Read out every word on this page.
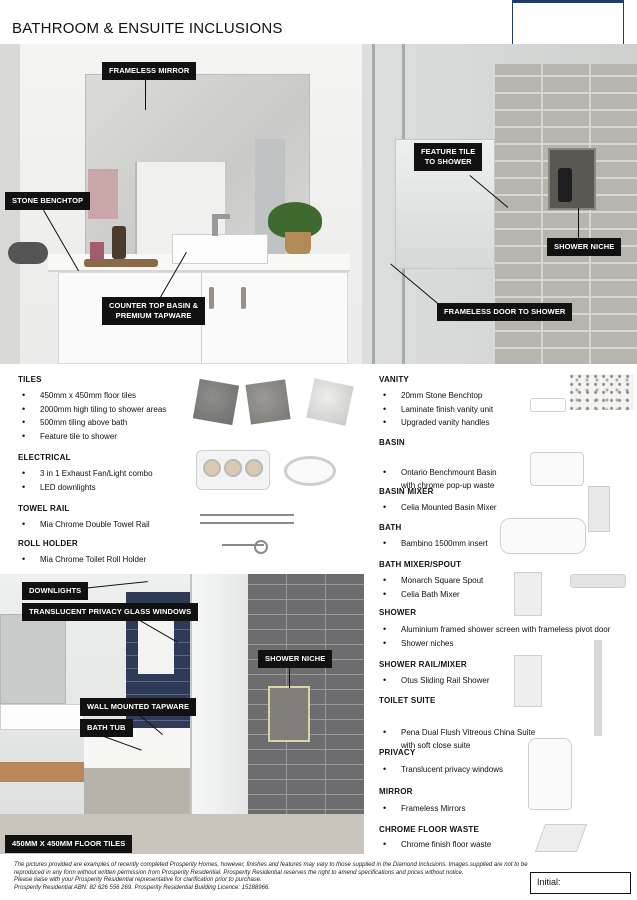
BATHROOM & ENSUITE INCLUSIONS
FRAMELESS MIRROR
STONE BENCHTOP
COUNTER TOP BASIN &
PREMIUM TAPWARE
FEATURE TILE
TO SHOWER
SHOWER NICHE
FRAMELESS DOOR TO SHOWER
TILES
• 450mm x 450mm floor tiles
• 2000mm high tiling to shower areas
• 500mm tiling above bath
• Feature tile to shower
ELECTRICAL
• 3 in 1 Exhaust Fan/Light combo
• LED downlights
TOWEL RAIL
• Mia Chrome Double Towel Rail
ROLL HOLDER
• Mia Chrome Toilet Roll Holder
VANITY
• 20mm Stone Benchtop
• Laminate finish vanity unit
• Upgraded vanity handles
BASIN

• Ontario Benchmount Basin
with chrome pop-up waste

BASIN MIXER
• Celia Mounted Basin Mixer
BATH
• Bambino 1500mm insert
BATH MIXER/SPOUT
• Monarch Square Spout
• Celia Bath Mixer
SHOWER
• Aluminium framed shower screen with frameless pivot door
• Shower niches
SHOWER RAIL/MIXER
• Otus Sliding Rail Shower
TOILET SUITE

• Pena Dual Flush Vitreous China Suite
with soft close suite

PRIVACY
• Translucent privacy windows
MIRROR
• Frameless Mirrors
CHROME FLOOR WASTE
• Chrome finish floor waste
DOWNLIGHTS
TRANSLUCENT PRIVACY GLASS WINDOWS
SHOWER NICHE
WALL MOUNTED TAPWARE
BATH TUB
450MM X 450MM FLOOR TILES
The pictures provided are examples of recently completed Prosperity Homes, however, finishes and features may vary to those supplied in the Diamond Inclusions. Images supplied are not to be
reproduced in any form without written permission from Prosperity Residential. Prosperity Residential reserves the right to amend specifications and prices without notice.
Please liaise with your Prosperity Residential representative for clarification prior to purchase.
Prosperity Residential ABN: 82 626 556 269. Prosperity Residential Building Licence: 15188966.
Initial:
